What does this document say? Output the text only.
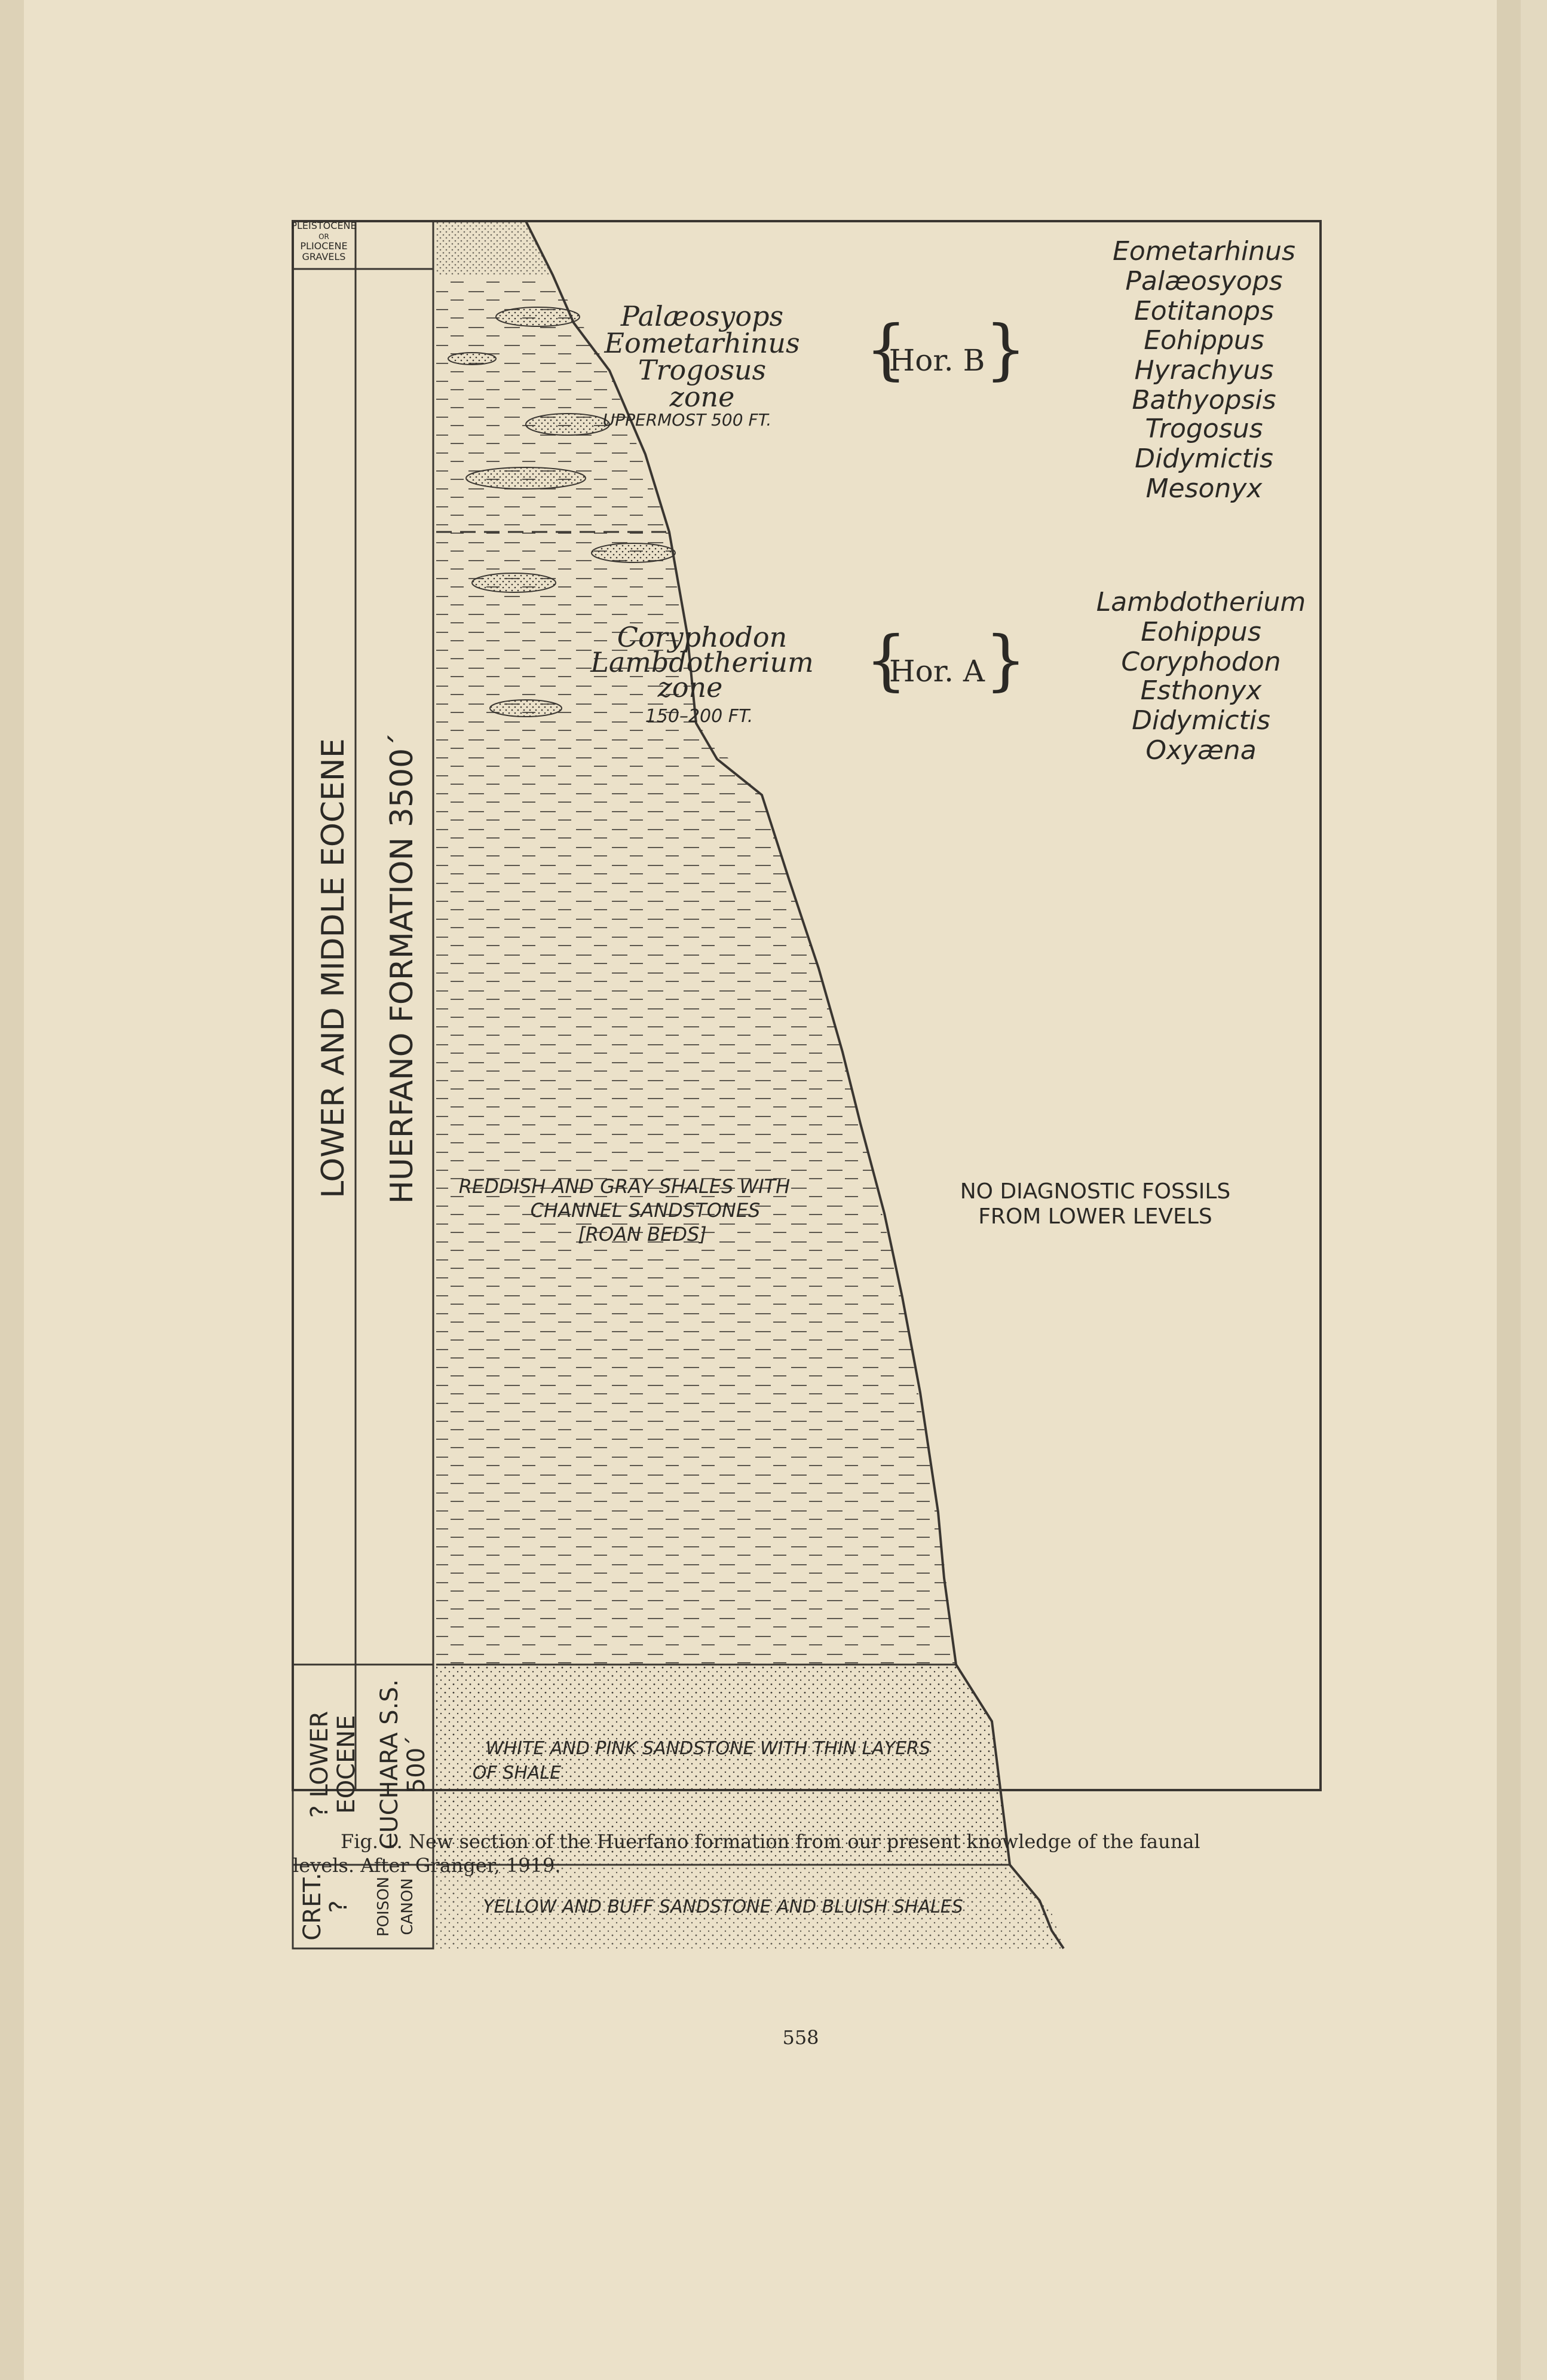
PLEISTOCENE
OR
PLIOCENE
GRAVELS
LOWER AND MIDDLE EOCENE HUERFANO FORMATION 3500´
? LOWER EOCENE CUCHARA S.S. 500´
CRET.
? POISON CANON
Palæosyops
Eometarhinus
Trogosus
zone
UPPERMOST 500 FT.
{
Hor. B }
Eometarhinus
Palæosyops
Eotitanops
Eohippus
Hyrachyus
Bathyopsis
Trogosus
Didymictis
Mesonyx
Coryphodon
Lambdotherium
zone
150–200 FT.
{
Hor. A }
Lambdotherium
Eohippus
Coryphodon
Esthonyx
Didymictis
Oxyæna
REDDISH AND GRAY SHALES WITH
CHANNEL SANDSTONES
[ROAN BEDS]
WHITE AND PINK SANDSTONE WITH THIN LAYERS
OF SHALE
YELLOW AND BUFF SANDSTONE AND BLUISH SHALES
NO DIAGNOSTIC FOSSILS
FROM LOWER LEVELS
Fig. 1. New section of the Huerfano formation from our present knowledge of the faunal
levels. After Granger, 1919.
558
